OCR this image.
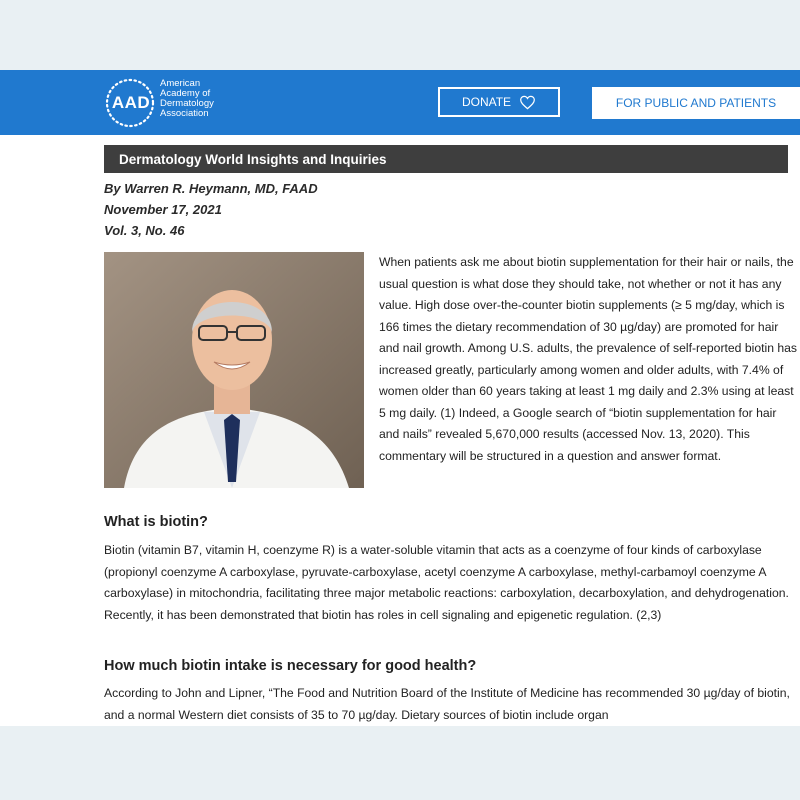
AAD
American
Academy of
Dermatology
Association
DONATE	FOR PUBLIC AND PATIENTS
Dermatology World Insights and Inquiries
By Warren R. Heymann, MD, FAAD
November 17, 2021
Vol. 3, No. 46
When patients ask me about biotin supplementation for their hair or nails, the usual question is what dose they should take, not whether or not it has any value. High dose over-the-counter biotin supplements (≥ 5 mg/day, which is 166 times the dietary recommendation of 30 µg/day) are promoted for hair and nail growth. Among U.S. adults, the prevalence of self-reported biotin has increased greatly, particularly among women and older adults, with 7.4% of women older than 60 years taking at least 1 mg daily and 2.3% using at least 5 mg daily. (1) Indeed, a Google search of “biotin supplementation for hair and nails” revealed 5,670,000 results (accessed Nov. 13, 2020). This commentary will be structured in a question and answer format.
What is biotin?
Biotin (vitamin B7, vitamin H, coenzyme R) is a water-soluble vitamin that acts as a coenzyme of four kinds of carboxylase (propionyl coenzyme A carboxylase, pyruvate-carboxylase, acetyl coenzyme A carboxylase, methyl-carbamoyl coenzyme A carboxylase) in mitochondria, facilitating three major metabolic reactions: carboxylation, decarboxylation, and dehydrogenation. Recently, it has been demonstrated that biotin has roles in cell signaling and epigenetic regulation. (2,3)
How much biotin intake is necessary for good health?
According to John and Lipner, “The Food and Nutrition Board of the Institute of Medicine has recommended 30 µg/day of biotin, and a normal Western diet consists of 35 to 70 µg/day. Dietary sources of biotin include organ
